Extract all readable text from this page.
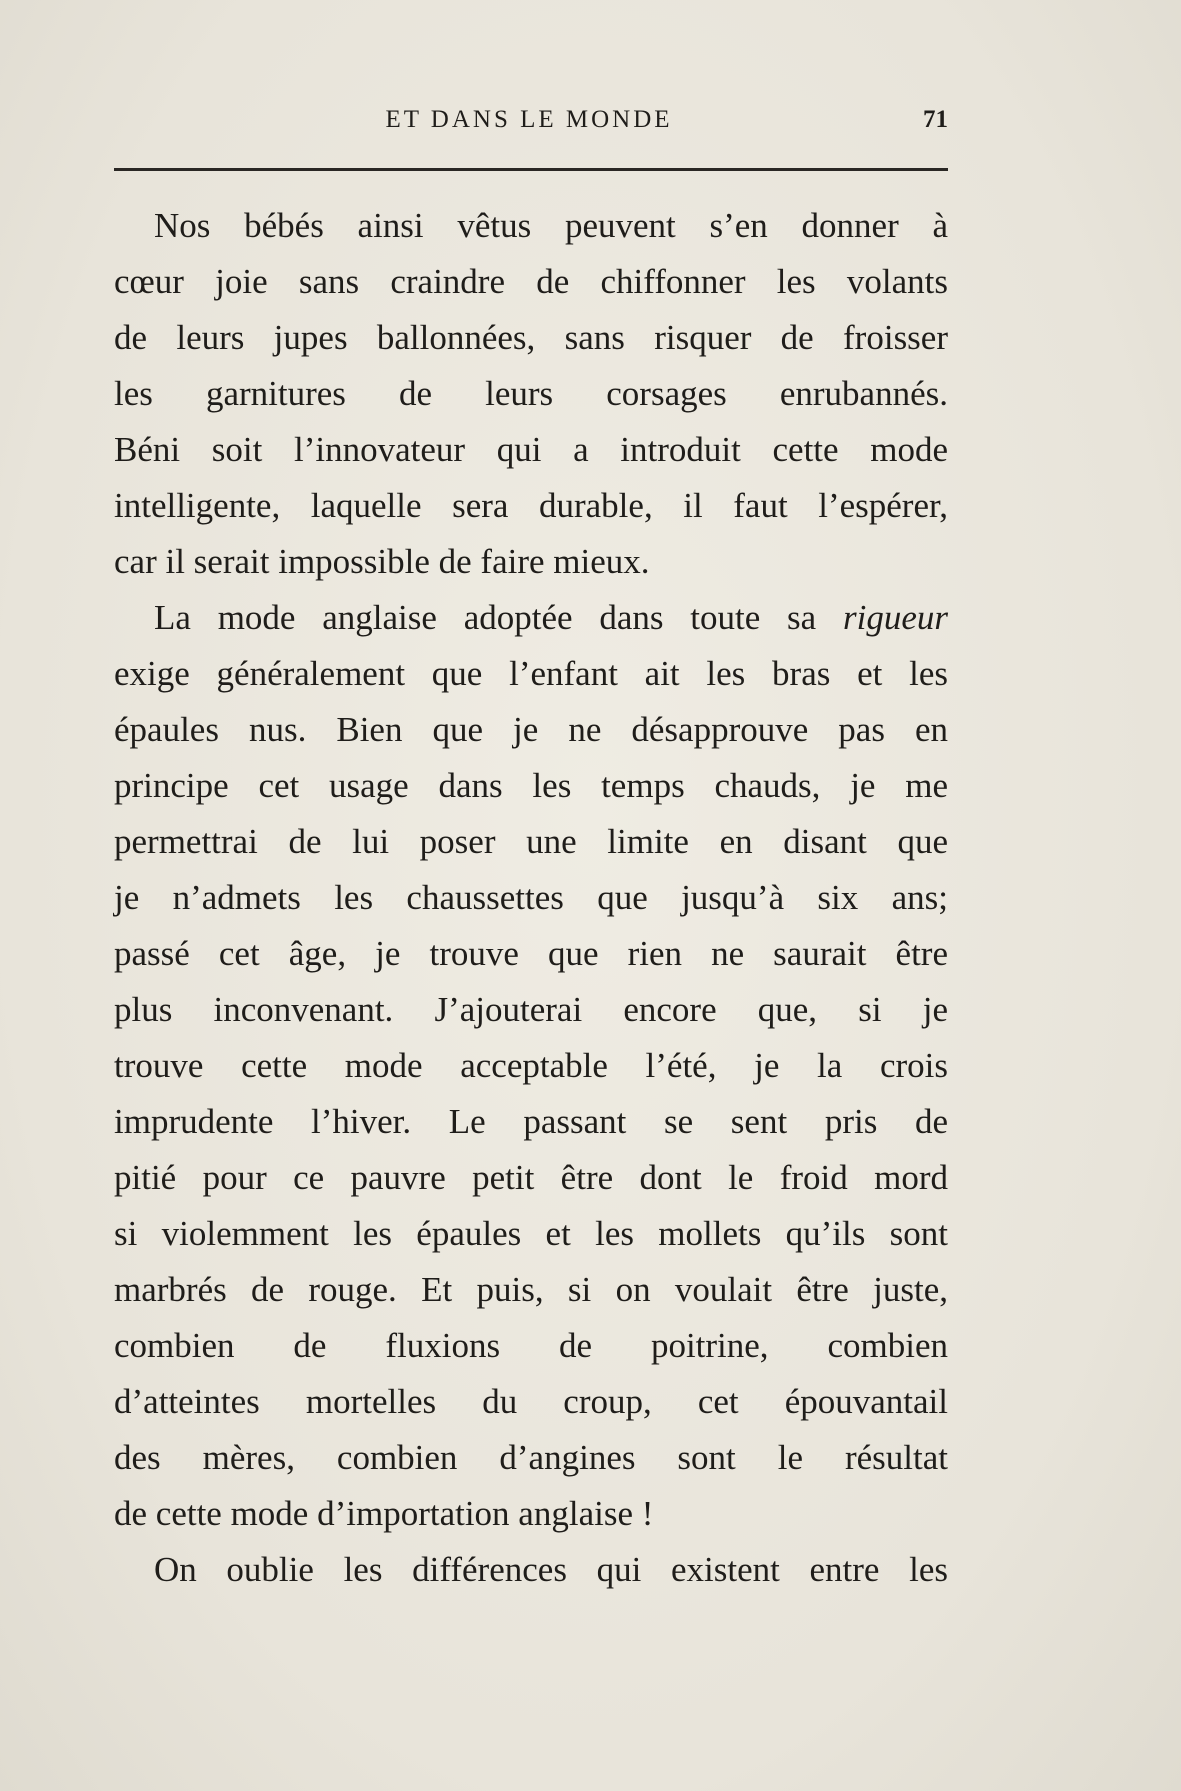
ET DANS LE MONDE	71
Nos bébés ainsi vêtus peuvent s’en donner à
cœur joie sans craindre de chiffonner les volants
de leurs jupes ballonnées, sans risquer de froisser
les garnitures de leurs corsages enrubannés.
Béni soit l’innovateur qui a introduit cette mode
intelligente, laquelle sera durable, il faut l’espérer,
car il serait impossible de faire mieux.
La mode anglaise adoptée dans toute sa rigueur
exige généralement que l’enfant ait les bras et les
épaules nus. Bien que je ne désapprouve pas en
principe cet usage dans les temps chauds, je me
permettrai de lui poser une limite en disant que
je n’admets les chaussettes que jusqu’à six ans;
passé cet âge, je trouve que rien ne saurait être
plus inconvenant. J’ajouterai encore que, si je
trouve cette mode acceptable l’été, je la crois
imprudente l’hiver. Le passant se sent pris de
pitié pour ce pauvre petit être dont le froid mord
si violemment les épaules et les mollets qu’ils sont
marbrés de rouge. Et puis, si on voulait être juste,
combien de fluxions de poitrine, combien
d’atteintes mortelles du croup, cet épouvantail
des mères, combien d’angines sont le résultat
de cette mode d’importation anglaise !
On oublie les différences qui existent entre les
